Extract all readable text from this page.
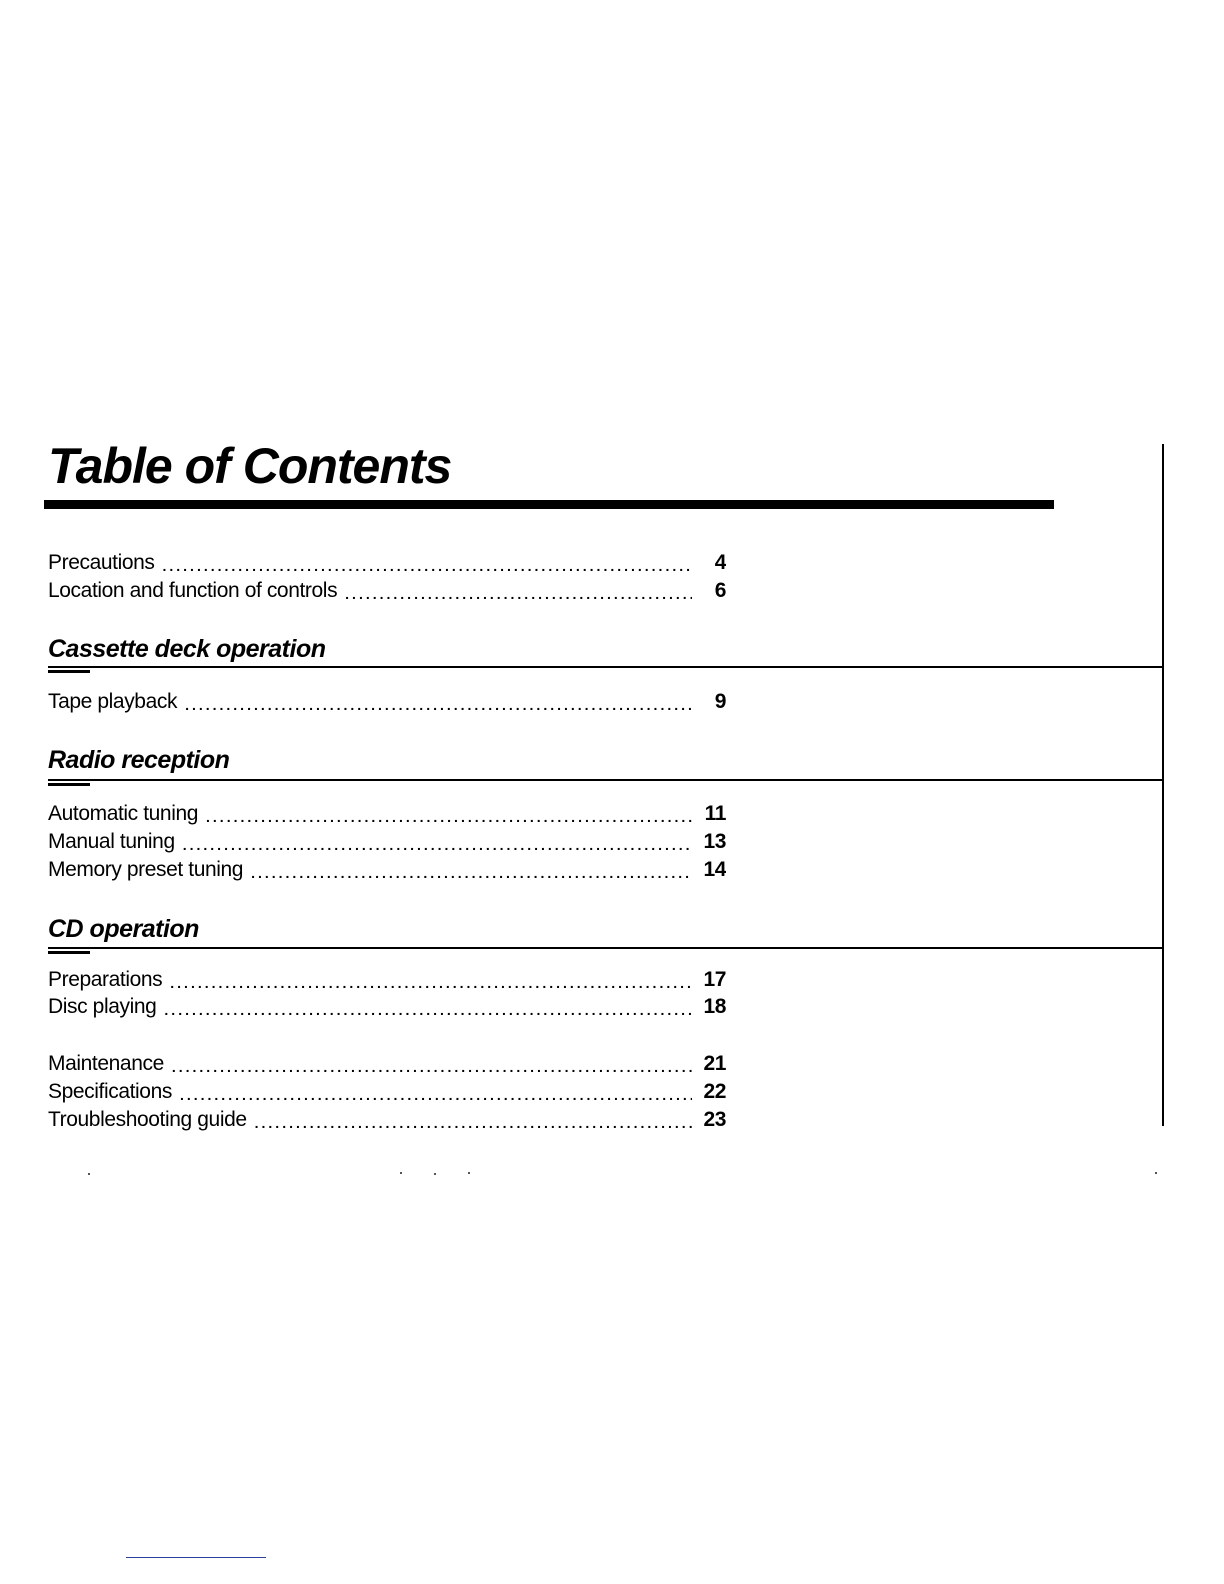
Table of Contents
Precautions .....	4
Location and function of controls .....	6
Cassette deck operation
Tape playback .....	9
Radio reception
Automatic tuning .....	11
Manual tuning .....	13
Memory preset tuning .....	14
CD operation
Preparations .....	17
Disc playing .....	18
Maintenance .....	21
Specifications .....	22
Troubleshooting guide .....	23
